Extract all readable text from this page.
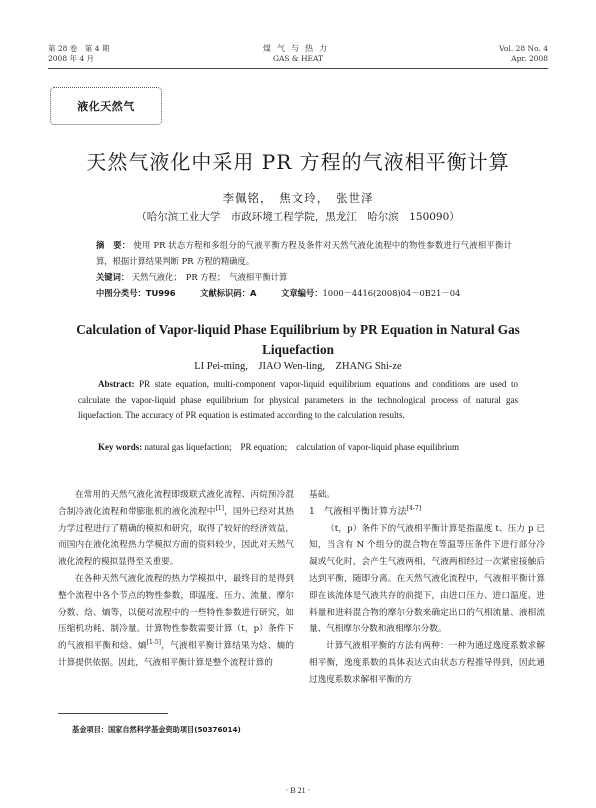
第 28 卷　第 4 期
2008 年 4 月
煤气与热力
GAS & HEAT
Vol. 28 No. 4
Apr. 2008
液化天然气
天然气液化中采用 PR 方程的气液相平衡计算
李佩铭，　焦文玲，　张世泽
（哈尔滨工业大学　市政环境工程学院，黑龙江　哈尔滨　150090）
摘　要： 使用 PR 状态方程和多组分的气液平衡方程及条件对天然气液化流程中的物性参数进行气液相平衡计算，根据计算结果判断 PR 方程的精确度。
关键词： 天然气液化；　PR 方程；　气液相平衡计算
中图分类号：TU996	文献标识码：A	文章编号：1000－4416(2008)04－0B21－04
Calculation of Vapor-liquid Phase Equilibrium by PR Equation in Natural Gas Liquefaction
LI Pei-ming,　JIAO Wen-ling,　ZHANG Shi-ze
Abstract: PR state equation, multi-component vapor-liquid equilibrium equations and conditions are used to calculate the vapor-liquid phase equilibrium for physical parameters in the technological process of natural gas liquefaction. The accuracy of PR equation is estimated according to the calculation results.
Key words: natural gas liquefaction;　PR equation;　calculation of vapor-liquid phase equilibrium

在常用的天然气液化流程即级联式液化流程、丙烷预冷混合制冷液化流程和带膨胀机的液化流程中[1]，国外已经对其热力学过程进行了精确的模拟和研究，取得了较好的经济效益，而国内在液化流程热力学模拟方面的资料较少，因此对天然气液化流程的模拟显得至关重要。

在各种天然气液化流程的热力学模拟中，最终目的是得到整个流程中各个节点的物性参数，即温度、压力、流量、摩尔分数、焓、熵等，以便对流程中的一些特性参数进行研究，如压缩机功耗、制冷量。计算物性参数需要计算（t，p）条件下的气液相平衡和焓、熵[1-5]，气液相平衡计算结果为焓、熵的计算提供依据。因此，气液相平衡计算是整个流程计算的

基础。

1　气液相平衡计算方法[4-7]

（t，p）条件下的气液相平衡计算是指温度 t、压力 p 已知，当含有 N 个组分的混合物在等温等压条件下进行部分冷凝或气化时，会产生气液两相，气液两相经过一次紧密接触后达到平衡，随即分离。在天然气液化流程中，气液相平衡计算即在该流体是气液共存的前提下，由进口压力、进口温度、进料量和进料混合物的摩尔分数来确定出口的气相流量、液相流量、气相摩尔分数和液相摩尔分数。

计算气液相平衡的方法有两种：一种为通过逸度系数求解相平衡，逸度系数的具体表达式由状态方程推导得到，因此通过逸度系数求解相平衡的方

基金项目：国家自然科学基金资助项目(50376014)
· B 21 ·
